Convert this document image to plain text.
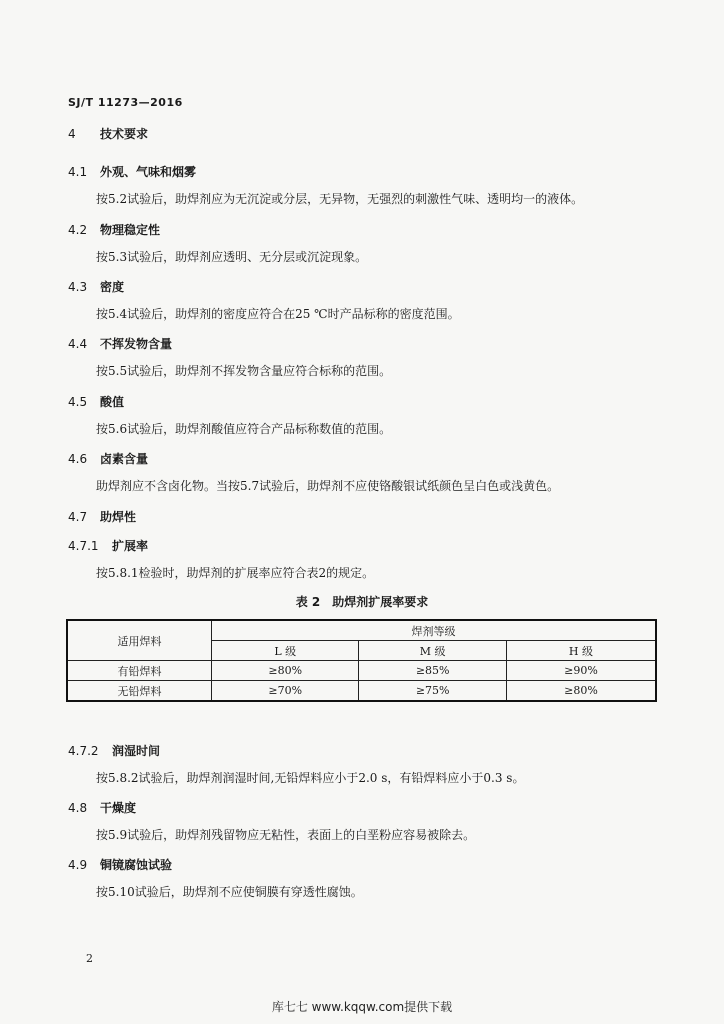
SJ/T 11273—2016
4 技术要求
4.1 外观、气味和烟雾
按5.2试验后，助焊剂应为无沉淀或分层，无异物，无强烈的刺激性气味、透明均一的液体。
4.2 物理稳定性
按5.3试验后，助焊剂应透明、无分层或沉淀现象。
4.3 密度
按5.4试验后，助焊剂的密度应符合在25 ℃时产品标称的密度范围。
4.4 不挥发物含量
按5.5试验后，助焊剂不挥发物含量应符合标称的范围。
4.5 酸值
按5.6试验后，助焊剂酸值应符合产品标称数值的范围。
4.6 卤素含量
助焊剂应不含卤化物。当按5.7试验后，助焊剂不应使铬酸银试纸颜色呈白色或浅黄色。
4.7 助焊性
4.7.1 扩展率
按5.8.1检验时，助焊剂的扩展率应符合表2的规定。
表 2　助焊剂扩展率要求
适用焊料	焊剂等级		
	L 级	M 级	H 级
有铅焊料	≥80%	≥85%	≥90%
无铅焊料	≥70%	≥75%	≥80%
4.7.2 润湿时间
按5.8.2试验后，助焊剂润湿时间,无铅焊料应小于2.0 s，有铅焊料应小于0.3 s。
4.8 干燥度
按5.9试验后，助焊剂残留物应无粘性，表面上的白垩粉应容易被除去。
4.9 铜镜腐蚀试验
按5.10试验后，助焊剂不应使铜膜有穿透性腐蚀。
2
库七七 www.kqqw.com提供下载
